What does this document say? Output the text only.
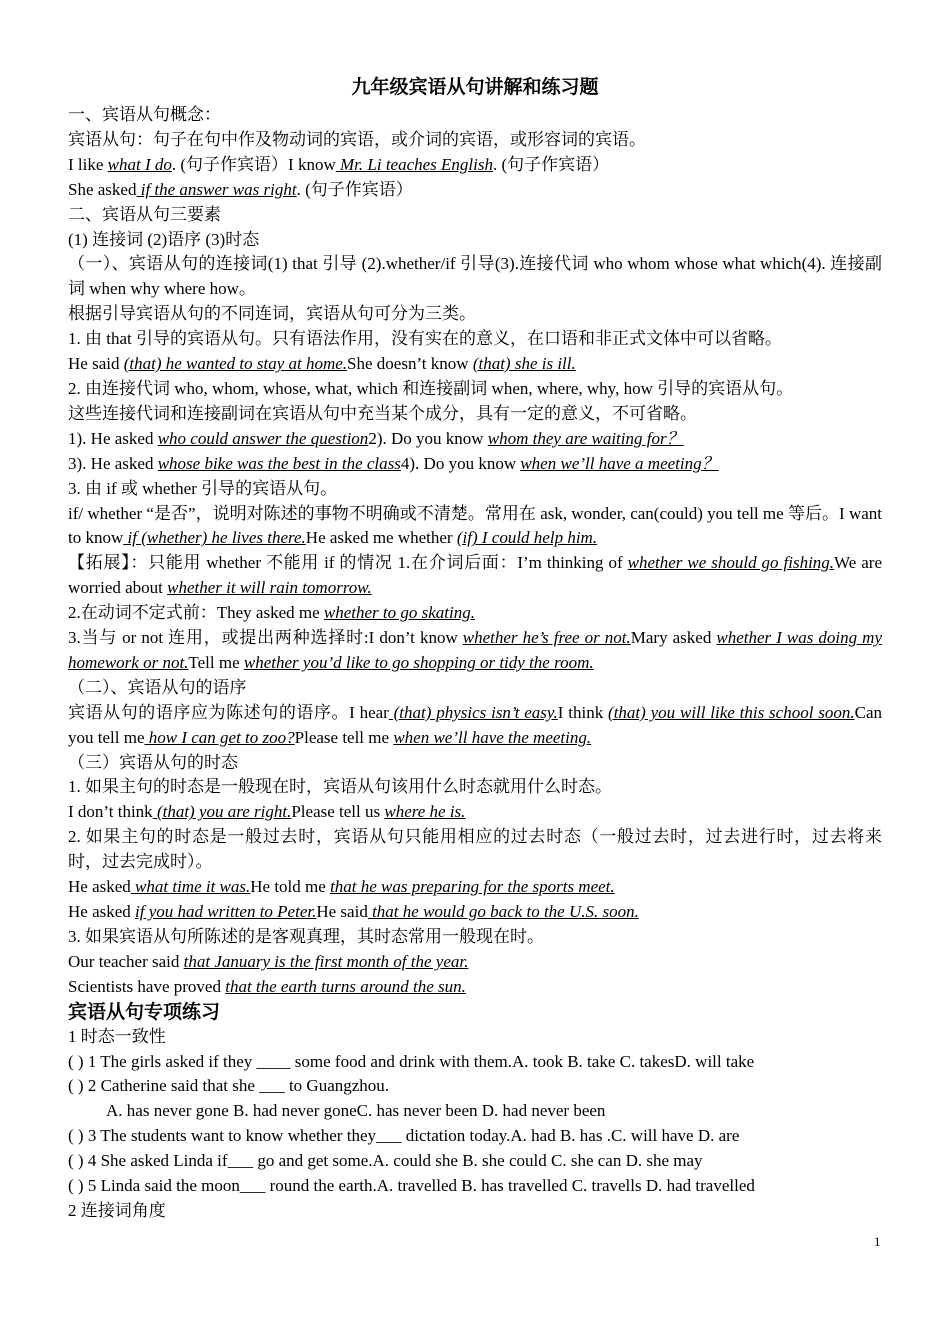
九年级宾语从句讲解和练习题
一、宾语从句概念：
宾语从句：句子在句中作及物动词的宾语，或介词的宾语，或形容词的宾语。
I like what I do. (句子作宾语）I know Mr. Li teaches English. (句子作宾语）
She asked if the answer was right. (句子作宾语）
二、宾语从句三要素
(1) 连接词 (2)语序 (3)时态
（一）、宾语从句的连接词(1) that 引导 (2).whether/if 引导(3).连接代词 who whom whose what which(4). 连接副词 when why where how。
根据引导宾语从句的不同连词，宾语从句可分为三类。
1. 由 that 引导的宾语从句。只有语法作用，没有实在的意义，在口语和非正式文体中可以省略。
He said (that) he wanted to stay at home.She doesn’t know (that) she is ill.
2. 由连接代词 who, whom, whose, what, which 和连接副词 when, where, why, how 引导的宾语从句。
这些连接代词和连接副词在宾语从句中充当某个成分，具有一定的意义，不可省略。
1). He asked who could answer the question2). Do you know whom they are waiting for？
3). He asked whose bike was the best in the class4). Do you know when we’ll have a meeting？
3. 由 if 或 whether 引导的宾语从句。
if/ whether “是否”，说明对陈述的事物不明确或不清楚。常用在 ask, wonder, can(could) you tell me 等后。I want to know if (whether) he lives there.He asked me whether (if) I could help him.
【拓展】：只能用 whether 不能用 if 的情况 1.在介词后面：I’m thinking of whether we should go fishing.We are worried about whether it will rain tomorrow.
2.在动词不定式前：They asked me whether to go skating.
3.当与 or not 连用，或提出两种选择时:I don’t know whether he’s free or not.Mary asked whether I was doing my homework or not.Tell me whether you’d like to go shopping or tidy the room.
（二）、宾语从句的语序
宾语从句的语序应为陈述句的语序。I hear (that) physics isn’t easy.I think (that) you will like this school soon.Can you tell me how I can get to zoo?Please tell me when we’ll have the meeting.
（三）宾语从句的时态
1. 如果主句的时态是一般现在时，宾语从句该用什么时态就用什么时态。
I don’t think (that) you are right.Please tell us where he is.
2. 如果主句的时态是一般过去时，宾语从句只能用相应的过去时态（一般过去时，过去进行时，过去将来时，过去完成时）。
He asked what time it was.He told me that he was preparing for the sports meet.
He asked if you had written to Peter.He said that he would go back to the U.S. soon.
3. 如果宾语从句所陈述的是客观真理，其时态常用一般现在时。
Our teacher said that January is the first month of the year.
Scientists have proved that the earth turns around the sun.
宾语从句专项练习
1 时态一致性
( ) 1 The girls asked if they ____ some food and drink with them.A. took B. take C. takesD. will take
( ) 2 Catherine said that she ___ to Guangzhou.
A. has never gone B. had never goneC. has never been D. had never been
( ) 3 The students want to know whether they___ dictation today.A. had B. has .C. will have D. are
( ) 4 She asked Linda if___ go and get some.A. could she B. she could C. she can D. she may
( ) 5 Linda said the moon___ round the earth.A. travelled B. has travelled C. travells D. had travelled
2 连接词角度
1
